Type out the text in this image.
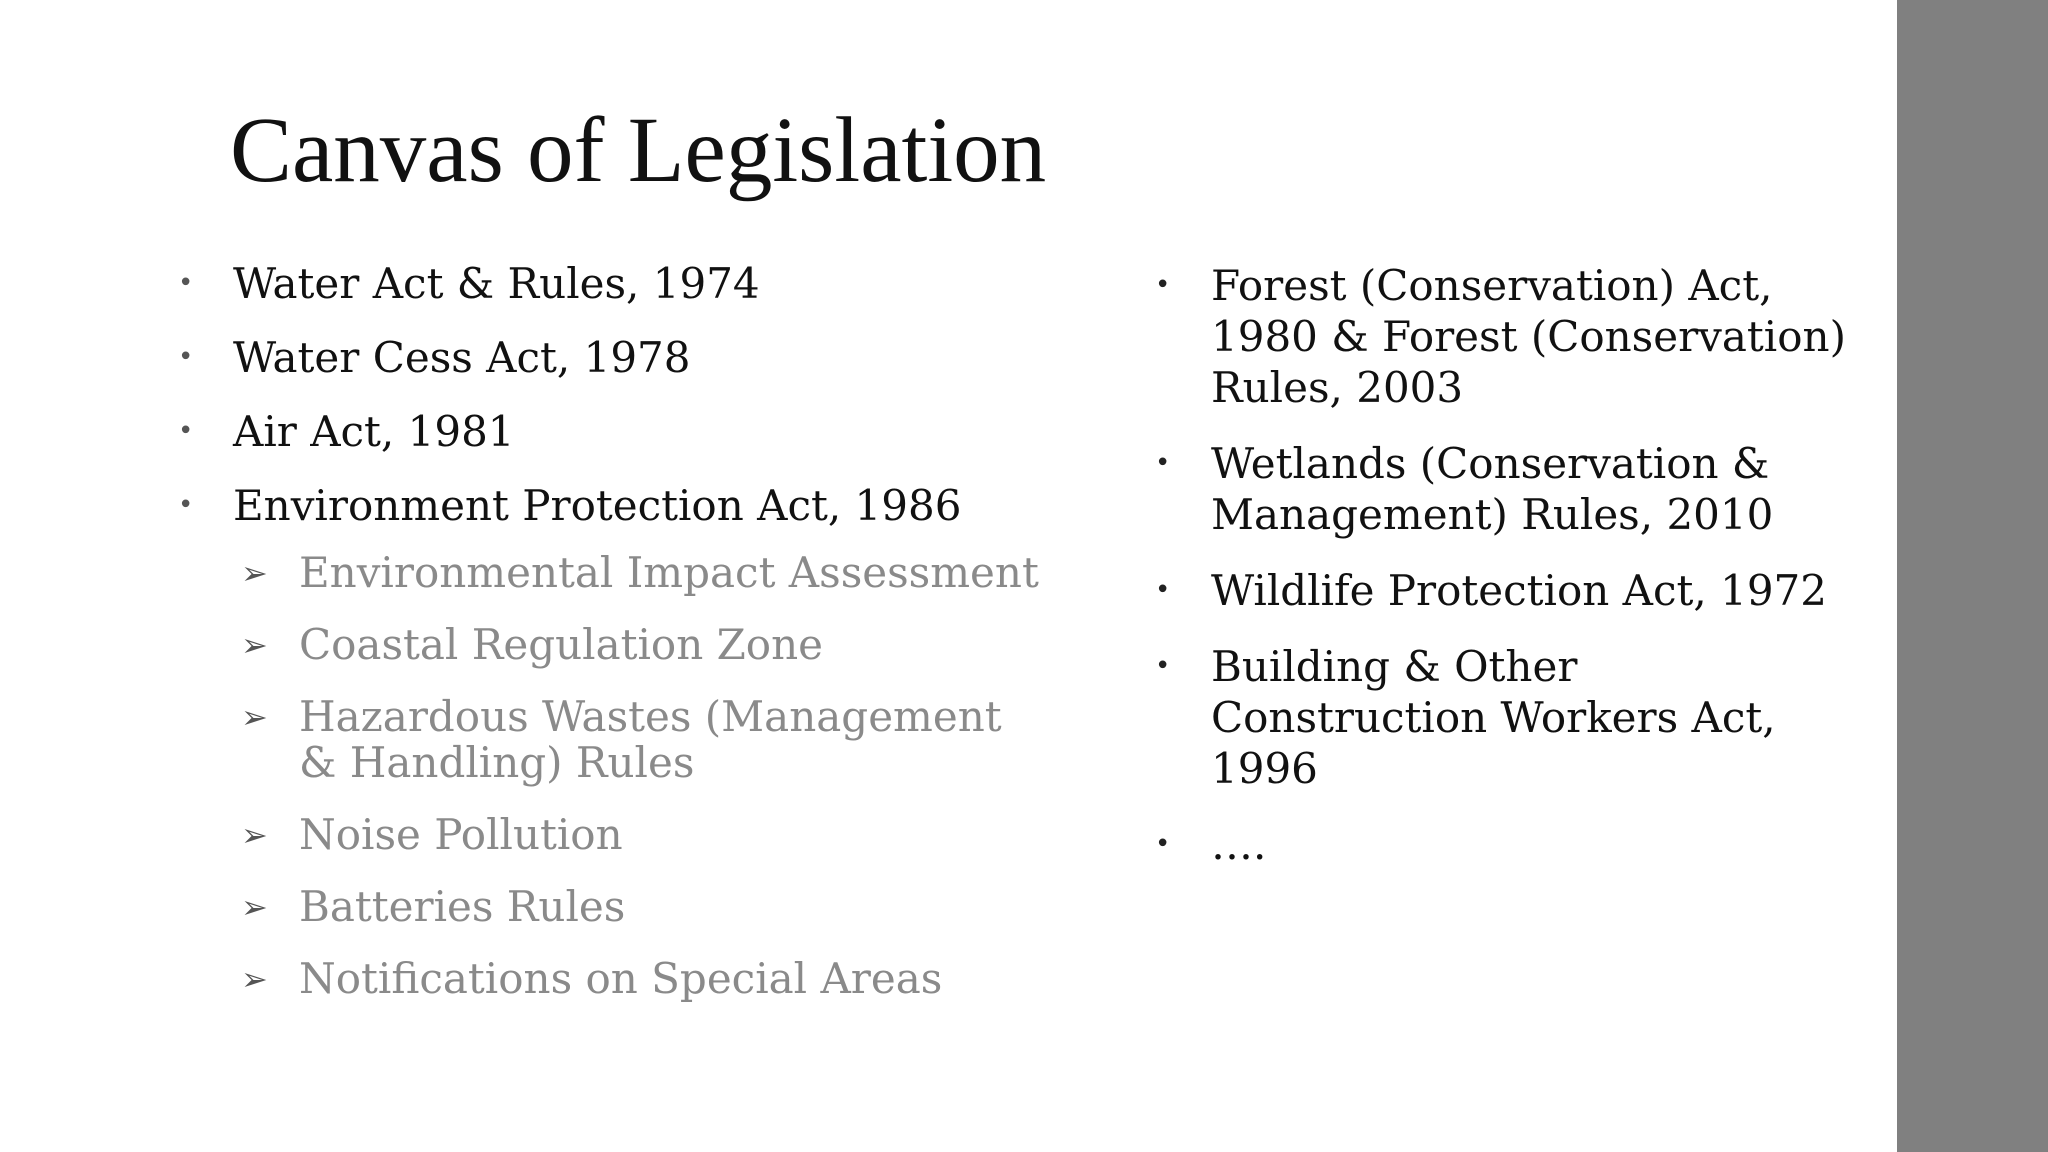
Canvas of Legislation
• Water Act & Rules, 1974
• Water Cess Act, 1978
• Air Act, 1981
• Environment Protection Act, 1986
➢ Environmental Impact Assessment
➢ Coastal Regulation Zone
➢ Hazardous Wastes (Management & Handling) Rules
➢ Noise Pollution
➢ Batteries Rules
➢ Notifications on Special Areas
• Forest (Conservation) Act, 1980 & Forest (Conservation) Rules, 2003
• Wetlands (Conservation & Management) Rules, 2010
• Wildlife Protection Act, 1972
• Building & Other Construction Workers Act, 1996
• ….
